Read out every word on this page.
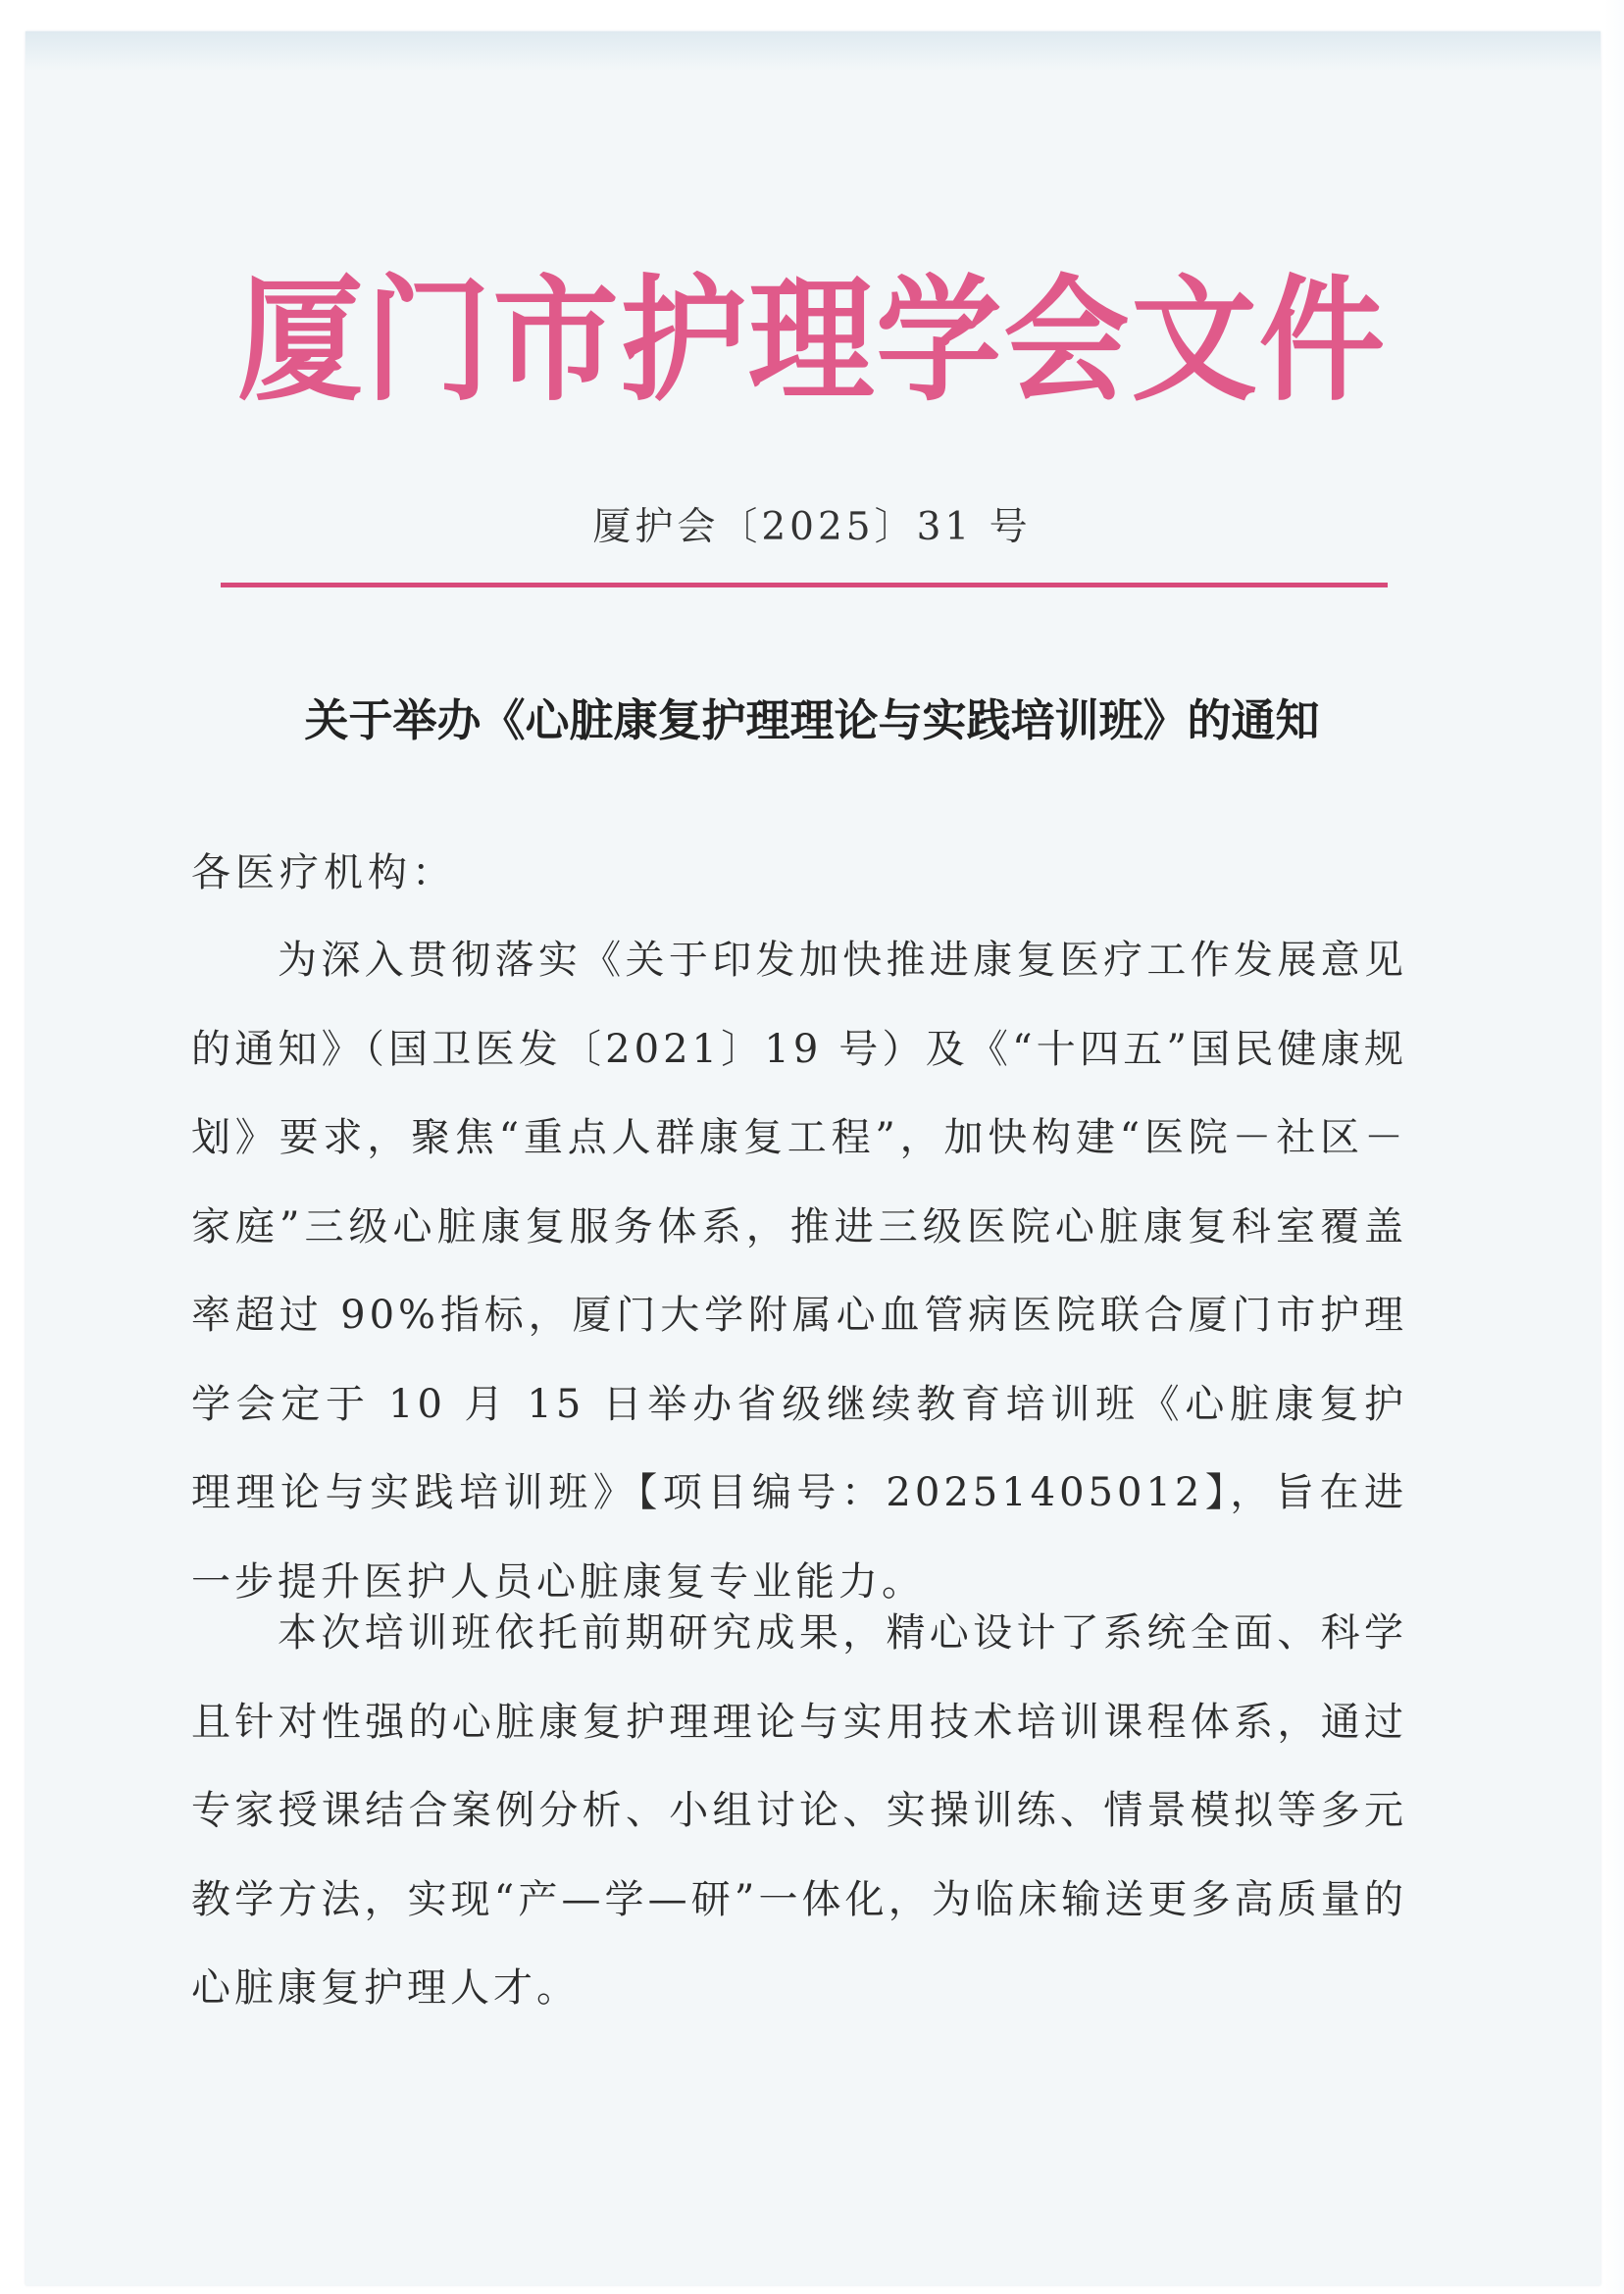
厦门市护理学会文件
厦护会〔2025〕31 号
关于举办《心脏康复护理理论与实践培训班》的通知
各医疗机构：

为深入贯彻落实《关于印发加快推进康复医疗工作发展意见的通知》（国卫医发〔2021〕19 号）及《“十四五”国民健康规划》要求，聚焦“重点人群康复工程”，加快构建“医院－社区－家庭”三级心脏康复服务体系，推进三级医院心脏康复科室覆盖率超过 90%指标，厦门大学附属心血管病医院联合厦门市护理学会定于 10 月 15 日举办省级继续教育培训班《心脏康复护理理论与实践培训班》【项目编号：20251405012】，旨在进一步提升医护人员心脏康复专业能力。

本次培训班依托前期研究成果，精心设计了系统全面、科学且针对性强的心脏康复护理理论与实用技术培训课程体系，通过专家授课结合案例分析、小组讨论、实操训练、情景模拟等多元教学方法，实现“产—学—研”一体化，为临床输送更多高质量的心脏康复护理人才。
